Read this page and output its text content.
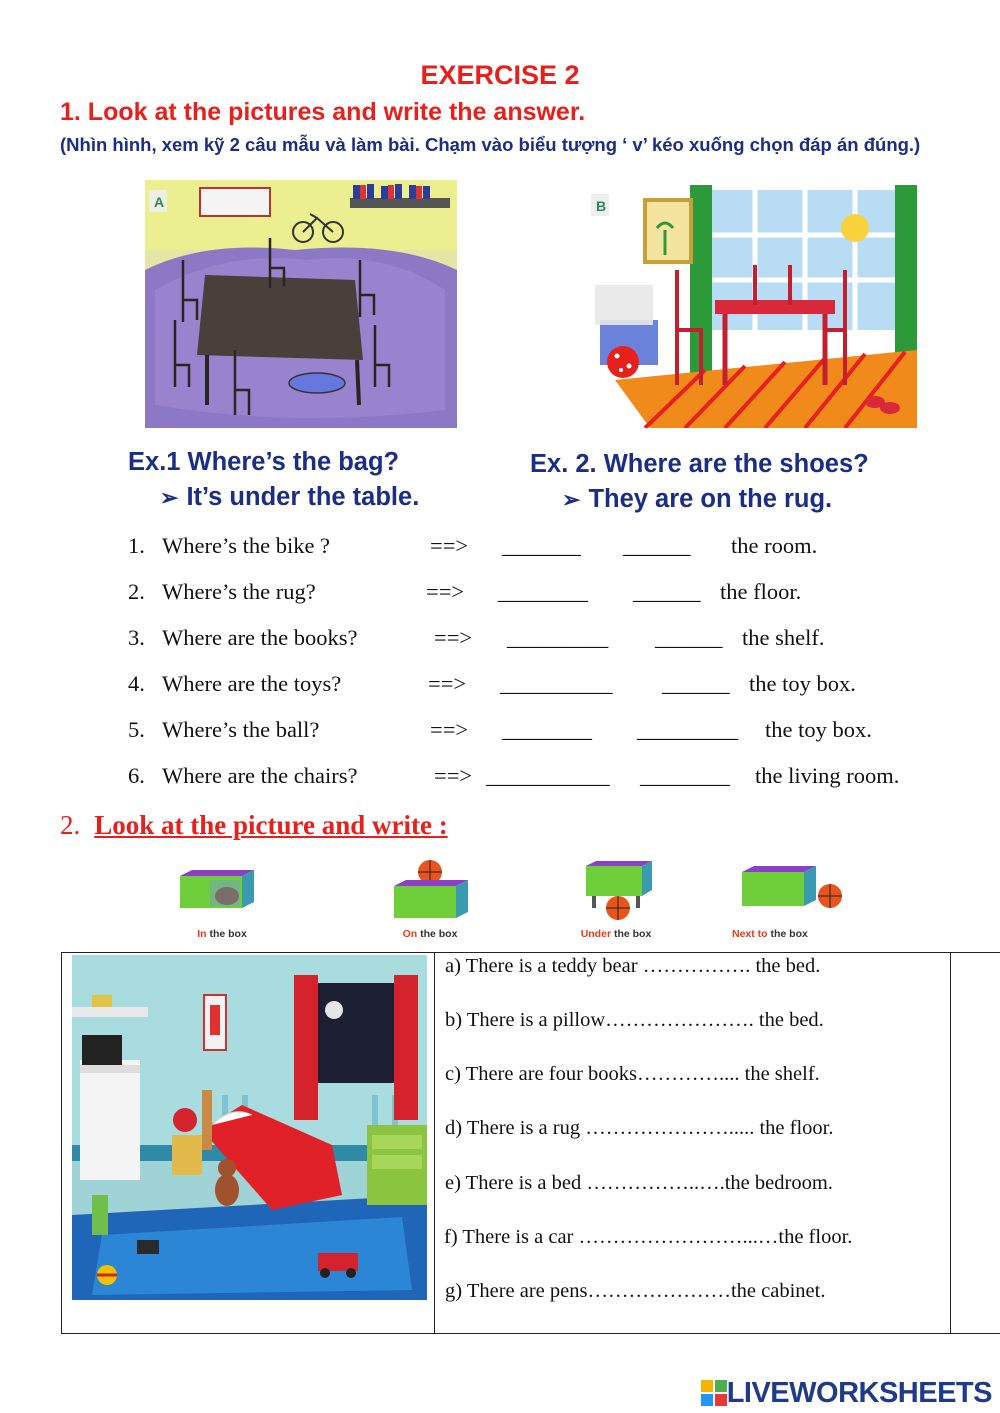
EXERCISE 2
1. Look at the pictures and write the answer.
(Nhìn hình, xem kỹ 2 câu mẫu và làm bài. Chạm vào biểu tượng ‘ v’ kéo xuống chọn đáp án đúng.)
A	B
Ex.1 Where’s the bag?
➢ It’s under the table.
Ex. 2. Where are the shoes?
➢ They are on the rug.
1. Where’s the bike ?	==> _______ ______ the room.
2. Where’s the rug?	==> ________ ______ the floor.
3. Where are the books?	==> _________ ______ the shelf.
4. Where are the toys?	==> __________ ______ the toy box.
5. Where’s the ball?	==> ________ _________ the toy box.
6. Where are the chairs?	==> ___________ ________ the living room.
2. Look at the picture and write :
In the box	On the box	Under the box	Next to the box
a) There is a teddy bear ……………. the bed.
b) There is a pillow…………………. the bed.
c) There are four books………….... the shelf.
d) There is a rug …………………..... the floor.
e) There is a bed ……………..….the bedroom.
f) There is a car ……………………...…the floor.
g) There are pens…………………the cabinet.
LIVEWORKSHEETS
